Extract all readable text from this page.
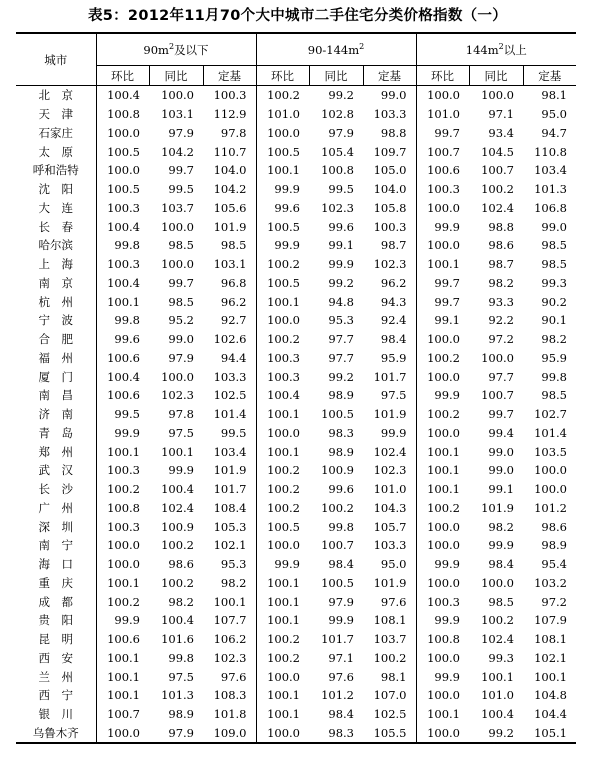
表5：2012年11月70个大中城市二手住宅分类价格指数（一）
城市	$90m^2$及以下			$90-144m^2$			$144m^2$以上		
	环比	同比	定基	环比	同比	定基	环比	同比	定基
北　京	100.4	100.0	100.3	100.2	99.2	99.0	100.0	100.0	98.1
天　津	100.8	103.1	112.9	101.0	102.8	103.3	101.0	97.1	95.0
石家庄	100.0	97.9	97.8	100.0	97.9	98.8	99.7	93.4	94.7
太　原	100.5	104.2	110.7	100.5	105.4	109.7	100.7	104.5	110.8
呼和浩特	100.0	99.7	104.0	100.1	100.8	105.0	100.6	100.7	103.4
沈　阳	100.5	99.5	104.2	99.9	99.5	104.0	100.3	100.2	101.3
大　连	100.3	103.7	105.6	99.6	102.3	105.8	100.0	102.4	106.8
长　春	100.4	100.0	101.9	100.5	99.6	100.3	99.9	98.8	99.0
哈尔滨	99.8	98.5	98.5	99.9	99.1	98.7	100.0	98.6	98.5
上　海	100.3	100.0	103.1	100.2	99.9	102.3	100.1	98.7	98.5
南　京	100.4	99.7	96.8	100.5	99.2	96.2	99.7	98.2	99.3
杭　州	100.1	98.5	96.2	100.1	94.8	94.3	99.7	93.3	90.2
宁　波	99.8	95.2	92.7	100.0	95.3	92.4	99.1	92.2	90.1
合　肥	99.6	99.0	102.6	100.2	97.7	98.4	100.0	97.2	98.2
福　州	100.6	97.9	94.4	100.3	97.7	95.9	100.2	100.0	95.9
厦　门	100.4	100.0	103.3	100.3	99.2	101.7	100.0	97.7	99.8
南　昌	100.6	102.3	102.5	100.4	98.9	97.5	99.9	100.7	98.5
济　南	99.5	97.8	101.4	100.1	100.5	101.9	100.2	99.7	102.7
青　岛	99.9	97.5	99.5	100.0	98.3	99.9	100.0	99.4	101.4
郑　州	100.1	100.1	103.4	100.1	98.9	102.4	100.1	99.0	103.5
武　汉	100.3	99.9	101.9	100.2	100.9	102.3	100.1	99.0	100.0
长　沙	100.2	100.4	101.7	100.2	99.6	101.0	100.1	99.1	100.0
广　州	100.8	102.4	108.4	100.2	100.2	104.3	100.2	101.9	101.2
深　圳	100.3	100.9	105.3	100.5	99.8	105.7	100.0	98.2	98.6
南　宁	100.0	100.2	102.1	100.0	100.7	103.3	100.0	99.9	98.9
海　口	100.0	98.6	95.3	99.9	98.4	95.0	99.9	98.4	95.4
重　庆	100.1	100.2	98.2	100.1	100.5	101.9	100.0	100.0	103.2
成　都	100.2	98.2	100.1	100.1	97.9	97.6	100.3	98.5	97.2
贵　阳	99.9	100.4	107.7	100.1	99.9	108.1	99.9	100.2	107.9
昆　明	100.6	101.6	106.2	100.2	101.7	103.7	100.8	102.4	108.1
西　安	100.1	99.8	102.3	100.2	97.1	100.2	100.0	99.3	102.1
兰　州	100.1	97.5	97.6	100.0	97.6	98.1	99.9	100.1	100.1
西　宁	100.1	101.3	108.3	100.1	101.2	107.0	100.0	101.0	104.8
银　川	100.7	98.9	101.8	100.1	98.4	102.5	100.1	100.4	104.4
乌鲁木齐	100.0	97.9	109.0	100.0	98.3	105.5	100.0	99.2	105.1
